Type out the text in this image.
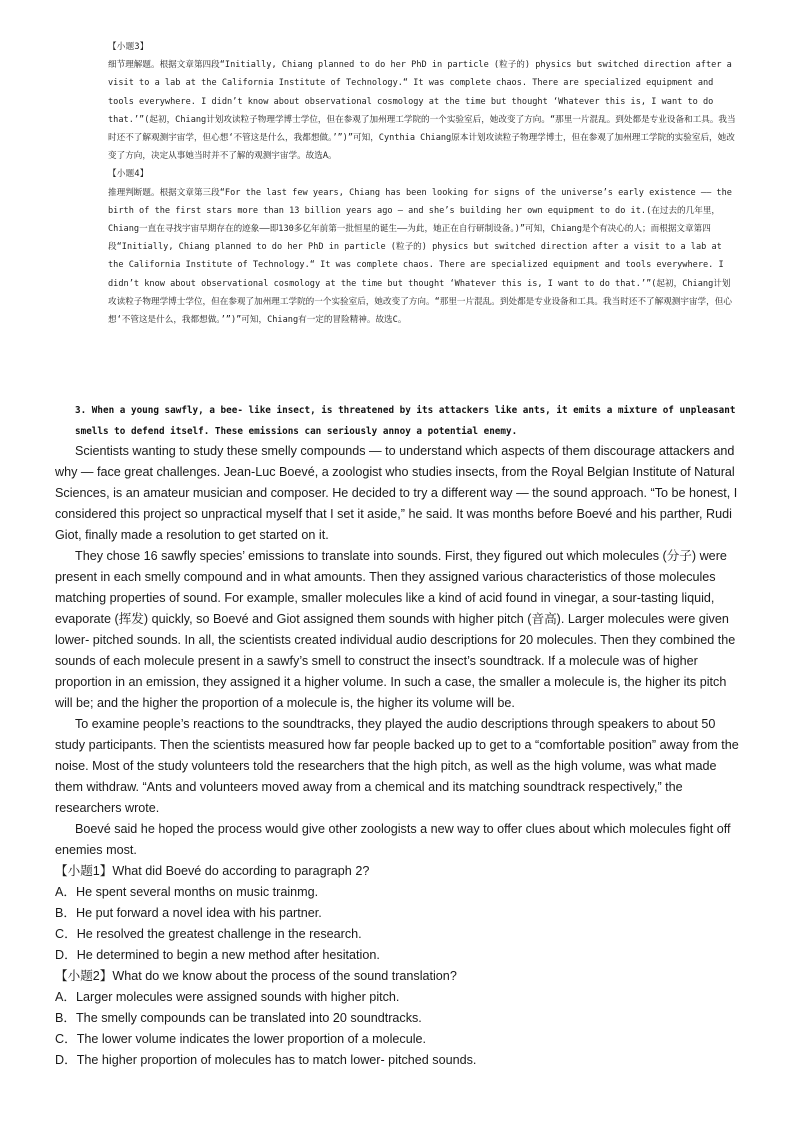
【小题3】

细节理解题。根据文章第四段“Initially, Chiang planned to do her PhD in particle (粒子的) physics but switched direction after a visit to a lab at the California Institute of Technology.“ It was complete chaos. There are specialized equipment and tools everywhere. I didn’t know about observational cosmology at the time but thought ‘Whatever this is, I want to do that.’”(起初，Chiang计划攻读粒子物理学博士学位，但在参观了加州理工学院的一个实验室后，她改变了方向。“那里一片混乱。到处都是专业设备和工具。我当时还不了解观测宇宙学，但心想‘不管这是什么，我都想做。’”)”可知，Cynthia Chiang原本计划攻读粒子物理学博士，但在参观了加州理工学院的实验室后，她改变了方向，决定从事她当时并不了解的观测宇宙学。故选A。

【小题4】

推理判断题。根据文章第三段“For the last few years, Chiang has been looking for signs of the universe’s early existence —— the birth of the first stars more than 13 billion years ago — and she’s building her own equipment to do it.(在过去的几年里，Chiang一直在寻找宇宙早期存在的迹象——即130多亿年前第一批恒星的诞生——为此，她正在自行研制设备。)”可知，Chiang是个有决心的人；而根据文章第四段“Initially, Chiang planned to do her PhD in particle (粒子的) physics but switched direction after a visit to a lab at the California Institute of Technology.“ It was complete chaos. There are specialized equipment and tools everywhere. I didn’t know about observational cosmology at the time but thought ‘Whatever this is, I want to do that.’”(起初，Chiang计划攻读粒子物理学博士学位，但在参观了加州理工学院的一个实验室后，她改变了方向。“那里一片混乱。到处都是专业设备和工具。我当时还不了解观测宇宙学，但心想‘不管这是什么，我都想做。’”)”可知，Chiang有一定的冒险精神。故选C。

3. When a young sawfly, a bee- like insect, is threatened by its attackers like ants, it emits a mixture of unpleasant smells to defend itself. These emissions can seriously annoy a potential enemy.

Scientists wanting to study these smelly compounds — to understand which aspects of them discourage attackers and why — face great challenges. Jean-Luc Boevé, a zoologist who studies insects, from the Royal Belgian Institute of Natural Sciences, is an amateur musician and composer. He decided to try a different way — the sound approach. “To be honest, I considered this project so unpractical myself that I set it aside,” he said. It was months before Boevé and his parther, Rudi Giot, finally made a resolution to get started on it.

They chose 16 sawfly species’ emissions to translate into sounds. First, they figured out which molecules (分子) were present in each smelly compound and in what amounts. Then they assigned various characteristics of those molecules matching properties of sound. For example, smaller molecules like a kind of acid found in vinegar, a sour-tasting liquid, evaporate (挥发) quickly, so Boevé and Giot assigned them sounds with higher pitch (音高). Larger molecules were given lower- pitched sounds. In all, the scientists created individual audio descriptions for 20 molecules. Then they combined the sounds of each molecule present in a sawfy’s smell to construct the insect’s soundtrack. If a molecule was of higher proportion in an emission, they assigned it a higher volume. In such a case, the smaller a molecule is, the higher its pitch will be; and the higher the proportion of a molecule is, the higher its volume will be.

To examine people’s reactions to the soundtracks, they played the audio descriptions through speakers to about 50 study participants. Then the scientists measured how far people backed up to get to a “comfortable position” away from the noise. Most of the study volunteers told the researchers that the high pitch, as well as the high volume, was what made them withdraw. “Ants and volunteers moved away from a chemical and its matching soundtrack respectively,” the researchers wrote.

Boevé said he hoped the process would give other zoologists a new way to offer clues about which molecules fight off enemies most.

【小题1】What did Boevé do according to paragraph 2?

A．He spent several months on music trainmg.

B．He put forward a novel idea with his partner.

C．He resolved the greatest challenge in the research.

D．He determined to begin a new method after hesitation.

【小题2】What do we know about the process of the sound translation?

A．Larger molecules were assigned sounds with higher pitch.

B．The smelly compounds can be translated into 20 soundtracks.

C．The lower volume indicates the lower proportion of a molecule.

D．The higher proportion of molecules has to match lower- pitched sounds.
